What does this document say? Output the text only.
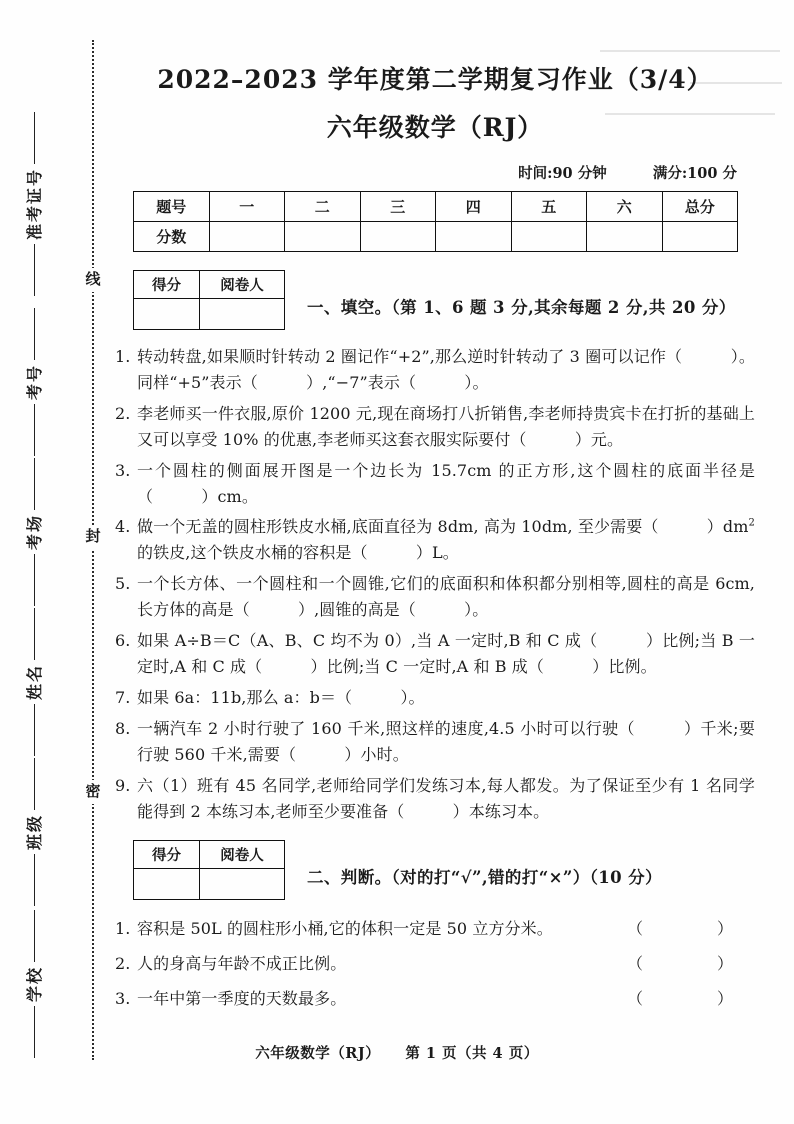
线
封
密
准考证号
考号
考场
姓名
班级
学校
2022–2023 学年度第二学期复习作业（3/4）
六年级数学（RJ）
时间:90 分钟	满分:100 分
题号	一	二	三	四	五	六	总分
分数							
得分	阅卷人

一、填空。（第 1、6 题 3 分,其余每题 2 分,共 20 分）
1. 转动转盘,如果顺时针转动 2 圈记作“+2”,那么逆时针转动了 3 圈可以记作（　　　）。同样“+5”表示（　　　）,“−7”表示（　　　）。
2. 李老师买一件衣服,原价 1200 元,现在商场打八折销售,李老师持贵宾卡在打折的基础上又可以享受 10% 的优惠,李老师买这套衣服实际要付（　　　）元。
3. 一个圆柱的侧面展开图是一个边长为 15.7cm 的正方形,这个圆柱的底面半径是（　　　）cm。
4. 做一个无盖的圆柱形铁皮水桶,底面直径为 8dm, 高为 10dm, 至少需要（　　　）$dm^2$ 的铁皮,这个铁皮水桶的容积是（　　　）L。
5. 一个长方体、一个圆柱和一个圆锥,它们的底面积和体积都分别相等,圆柱的高是 6cm,长方体的高是（　　　）,圆锥的高是（　　　）。
6. 如果 A÷B＝C（A、B、C 均不为 0）,当 A 一定时,B 和 C 成（　　　）比例;当 B 一定时,A 和 C 成（　　　）比例;当 C 一定时,A 和 B 成（　　　）比例。
7. 如果 6a：11b,那么 a：b＝（　　　）。
8. 一辆汽车 2 小时行驶了 160 千米,照这样的速度,4.5 小时可以行驶（　　　）千米;要行驶 560 千米,需要（　　　）小时。
9. 六（1）班有 45 名同学,老师给同学们发练习本,每人都发。为了保证至少有 1 名同学能得到 2 本练习本,老师至少要准备（　　　）本练习本。
得分	阅卷人

二、判断。（对的打“√”,错的打“×”）（10 分）
1. 容积是 50L 的圆柱形小桶,它的体积一定是 50 立方分米。	（　　）
2. 人的身高与年龄不成正比例。	（　　）
3. 一年中第一季度的天数最多。	（　　）
六年级数学（RJ） 第 1 页（共 4 页）
